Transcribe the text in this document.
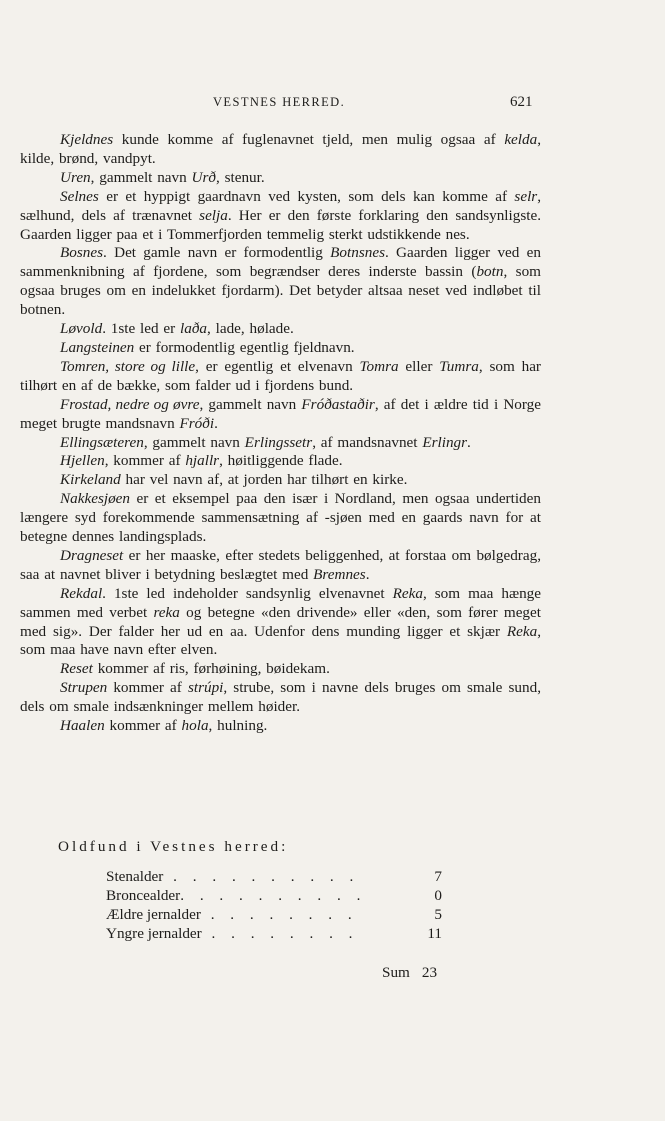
VESTNES HERRED.	621

Kjeldnes kunde komme af fuglenavnet tjeld, men mulig ogsaa af kelda, kilde, brønd, vandpyt.

Uren, gammelt navn Urð, stenur.

Selnes er et hyppigt gaardnavn ved kysten, som dels kan komme af selr, sælhund, dels af trænavnet selja. Her er den første forklaring den sandsynligste. Gaarden ligger paa et i Tommerfjorden temmelig sterkt udstikkende nes.

Bosnes. Det gamle navn er formodentlig Botnsnes. Gaarden ligger ved en sammenknibning af fjordene, som begrændser deres inderste bassin (botn, som ogsaa bruges om en indelukket fjordarm). Det betyder altsaa neset ved indløbet til botnen.

Løvold. 1ste led er laða, lade, hølade.

Langsteinen er formodentlig egentlig fjeldnavn.

Tomren, store og lille, er egentlig et elvenavn Tomra eller Tumra, som har tilhørt en af de bække, som falder ud i fjordens bund.

Frostad, nedre og øvre, gammelt navn Fróðastaðir, af det i ældre tid i Norge meget brugte mandsnavn Fróði.

Ellingsæteren, gammelt navn Erlingssetr, af mandsnavnet Erlingr.

Hjellen, kommer af hjallr, høitliggende flade.

Kirkeland har vel navn af, at jorden har tilhørt en kirke.

Nakkesjøen er et eksempel paa den især i Nordland, men ogsaa undertiden længere syd forekommende sammensætning af -sjøen med en gaards navn for at betegne dennes landingsplads.

Dragneset er her maaske, efter stedets beliggenhed, at forstaa om bølgedrag, saa at navnet bliver i betydning beslægtet med Bremnes.

Rekdal. 1ste led indeholder sandsynlig elvenavnet Reka, som maa hænge sammen med verbet reka og betegne «den drivende» eller «den, som fører meget med sig». Der falder her ud en aa. Udenfor dens munding ligger et skjær Reka, som maa have navn efter elven.

Reset kommer af ris, førhøining, bøidekam.

Strupen kommer af strúpi, strube, som i navne dels bruges om smale sund, dels om smale indsænkninger mellem høider.

Haalen kommer af hola, hulning.

Oldfund i Vestnes herred:
Stenalder . . . . . . . . . .	7
Broncealder. . . . . . . . . .	0
Ældre jernalder . . . . . . . .	5
Yngre jernalder . . . . . . . .	11
Sum 23
